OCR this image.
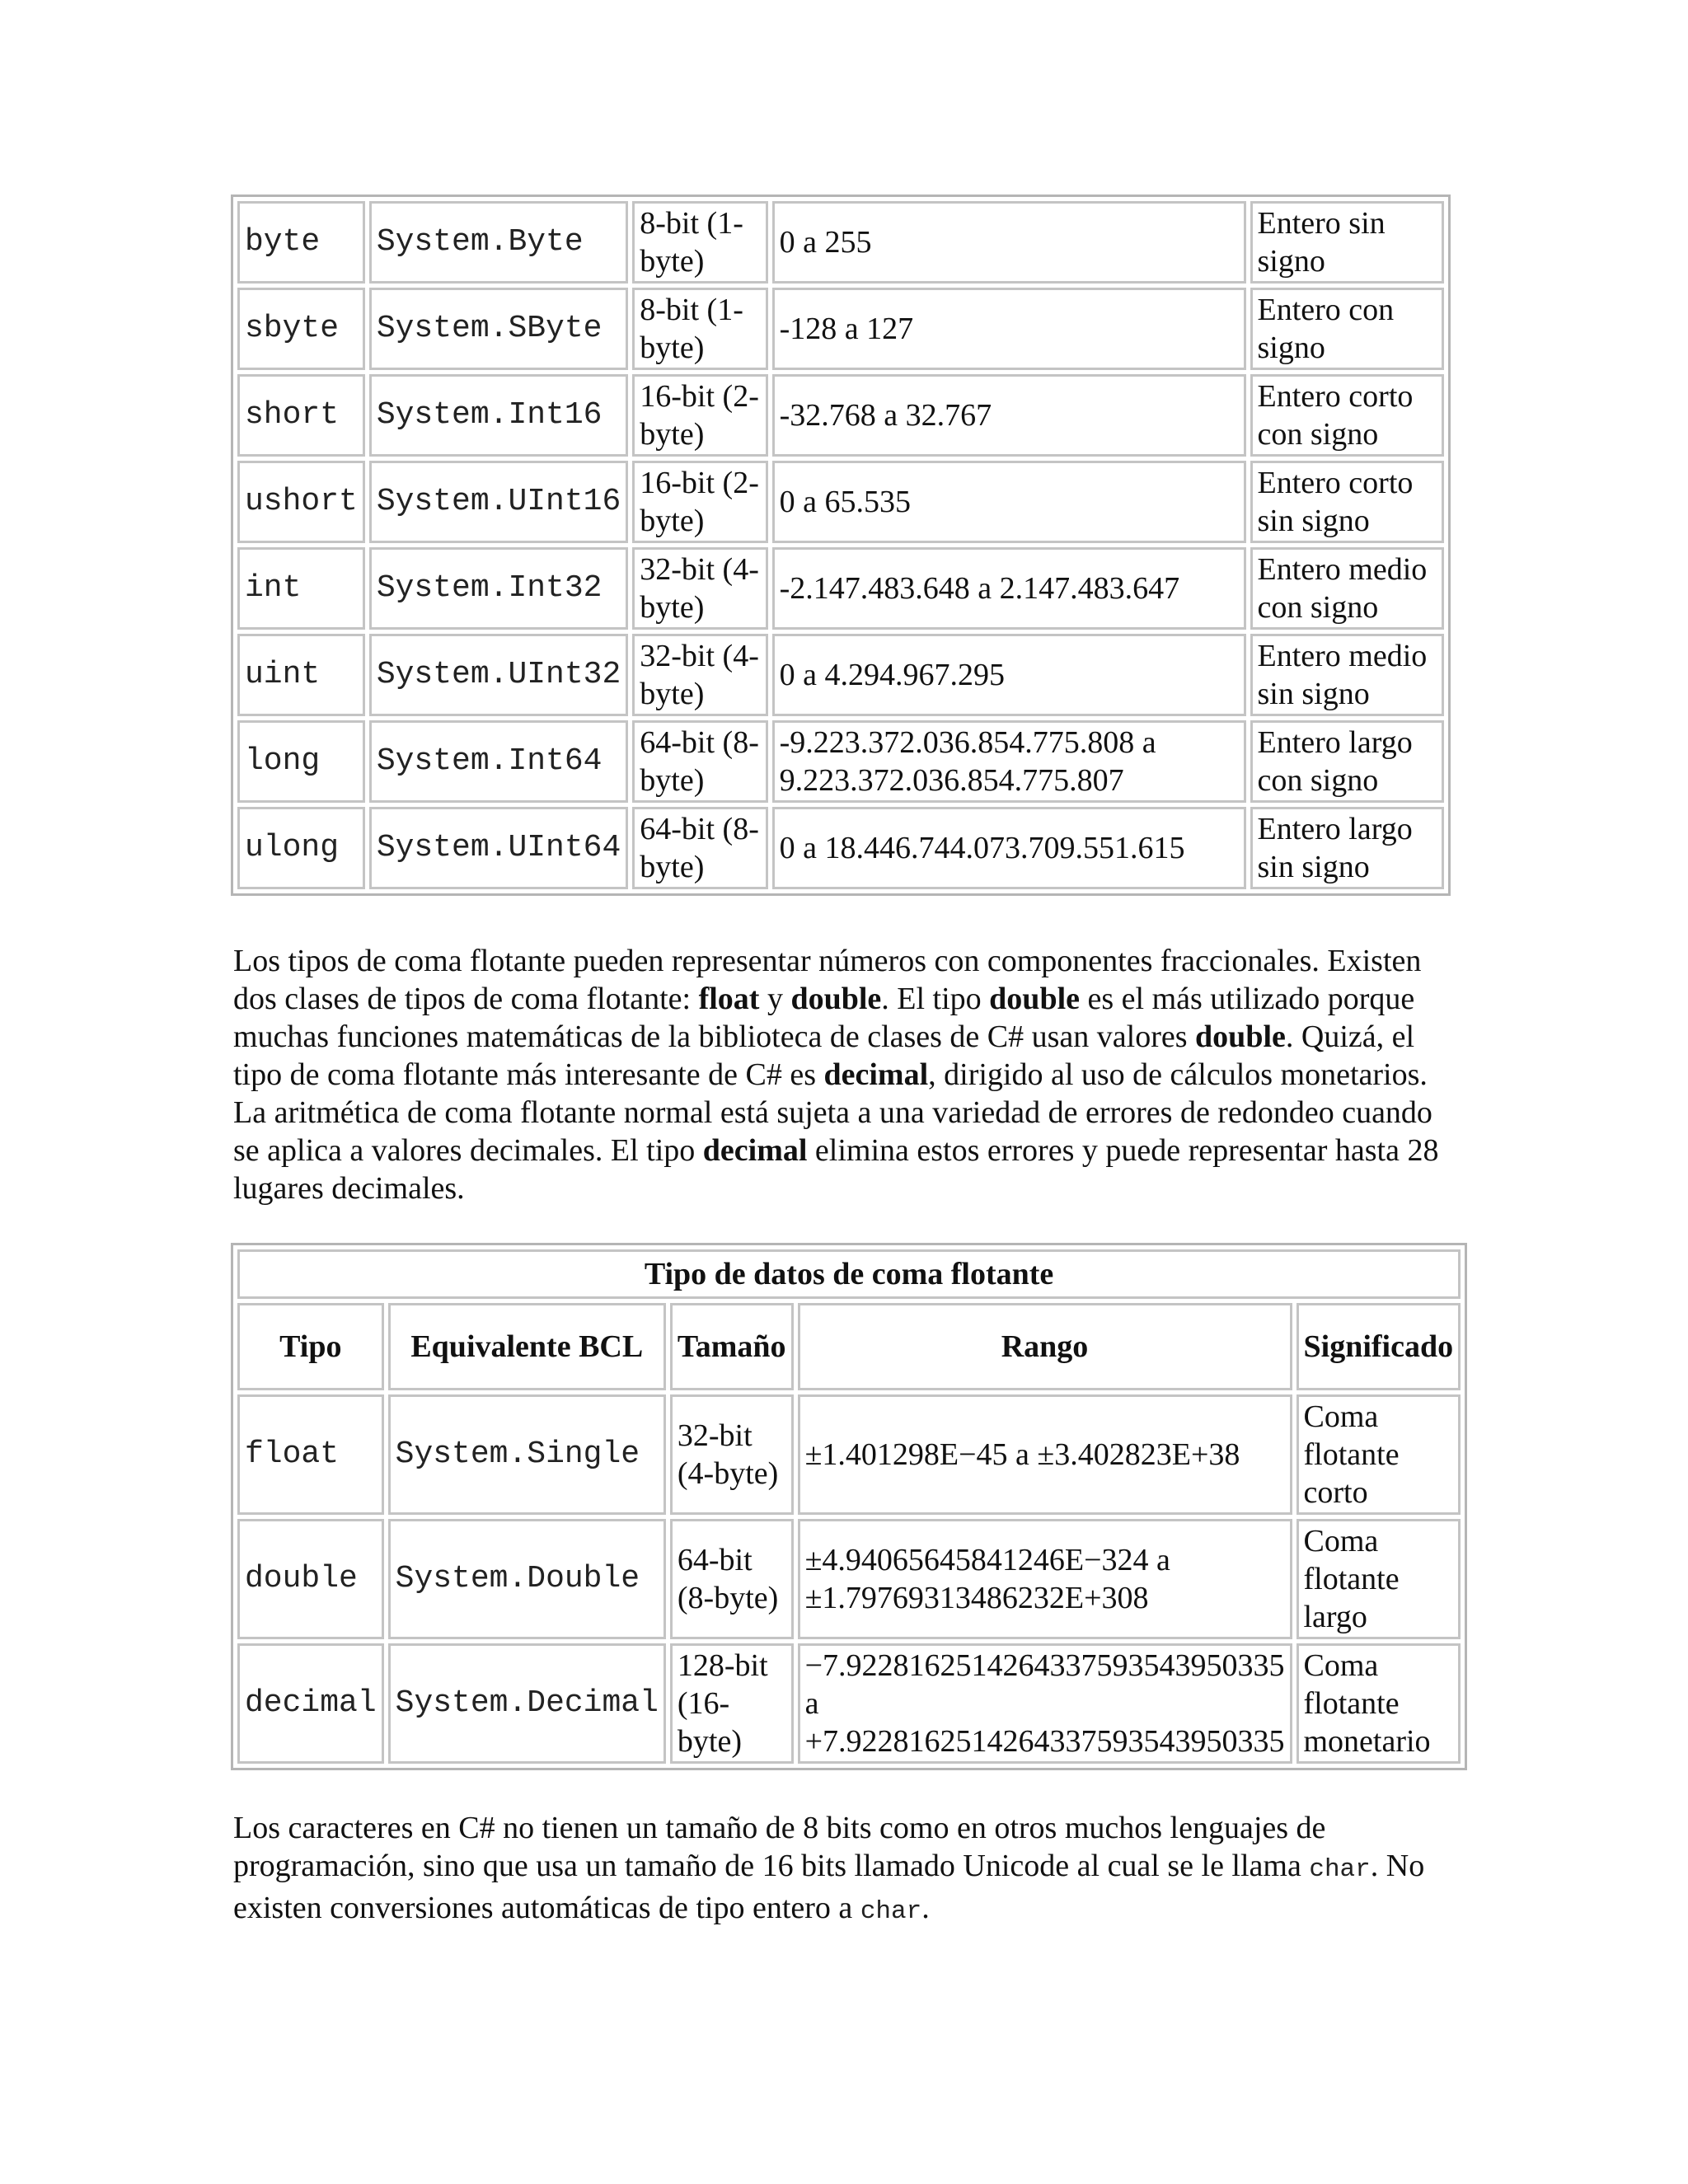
byte	System.Byte	8-bit (1-byte)	0 a 255	Entero sin signo
sbyte	System.SByte	8-bit (1-byte)	-128 a 127	Entero con signo
short	System.Int16	16-bit (2-byte)	-32.768 a 32.767	Entero corto con signo
ushort	System.UInt16	16-bit (2-byte)	0 a 65.535	Entero corto sin signo
int	System.Int32	32-bit (4-byte)	-2.147.483.648 a 2.147.483.647	Entero medio con signo
uint	System.UInt32	32-bit (4-byte)	0 a 4.294.967.295	Entero medio sin signo
long	System.Int64	64-bit (8-byte)	-9.223.372.036.854.775.808 a 9.223.372.036.854.775.807	Entero largo con signo
ulong	System.UInt64	64-bit (8-byte)	0 a 18.446.744.073.709.551.615	Entero largo sin signo

Los tipos de coma flotante pueden representar números con componentes fraccionales. Existen dos clases de tipos de coma flotante: float y double. El tipo double es el más utilizado porque muchas funciones matemáticas de la biblioteca de clases de C# usan valores double. Quizá, el tipo de coma flotante más interesante de C# es decimal, dirigido al uso de cálculos monetarios. La aritmética de coma flotante normal está sujeta a una variedad de errores de redondeo cuando se aplica a valores decimales. El tipo decimal elimina estos errores y puede representar hasta 28 lugares decimales.

Tipo de datos de coma flotante				
Tipo	Equivalente BCL	Tamaño	Rango	Significado
float	System.Single	32-bit (4-byte)	±1.401298E−45 a ±3.402823E+38	Coma flotante corto
double	System.Double	64-bit (8-byte)	±4.94065645841246E−324 a ±1.79769313486232E+308	Coma flotante largo
decimal	System.Decimal	128-bit (16-byte)	−7.9228162514264337593543950335 a +7.9228162514264337593543950335	Coma flotante monetario

Los caracteres en C# no tienen un tamaño de 8 bits como en otros muchos lenguajes de programación, sino que usa un tamaño de 16 bits llamado Unicode al cual se le llama char. No existen conversiones automáticas de tipo entero a char.
